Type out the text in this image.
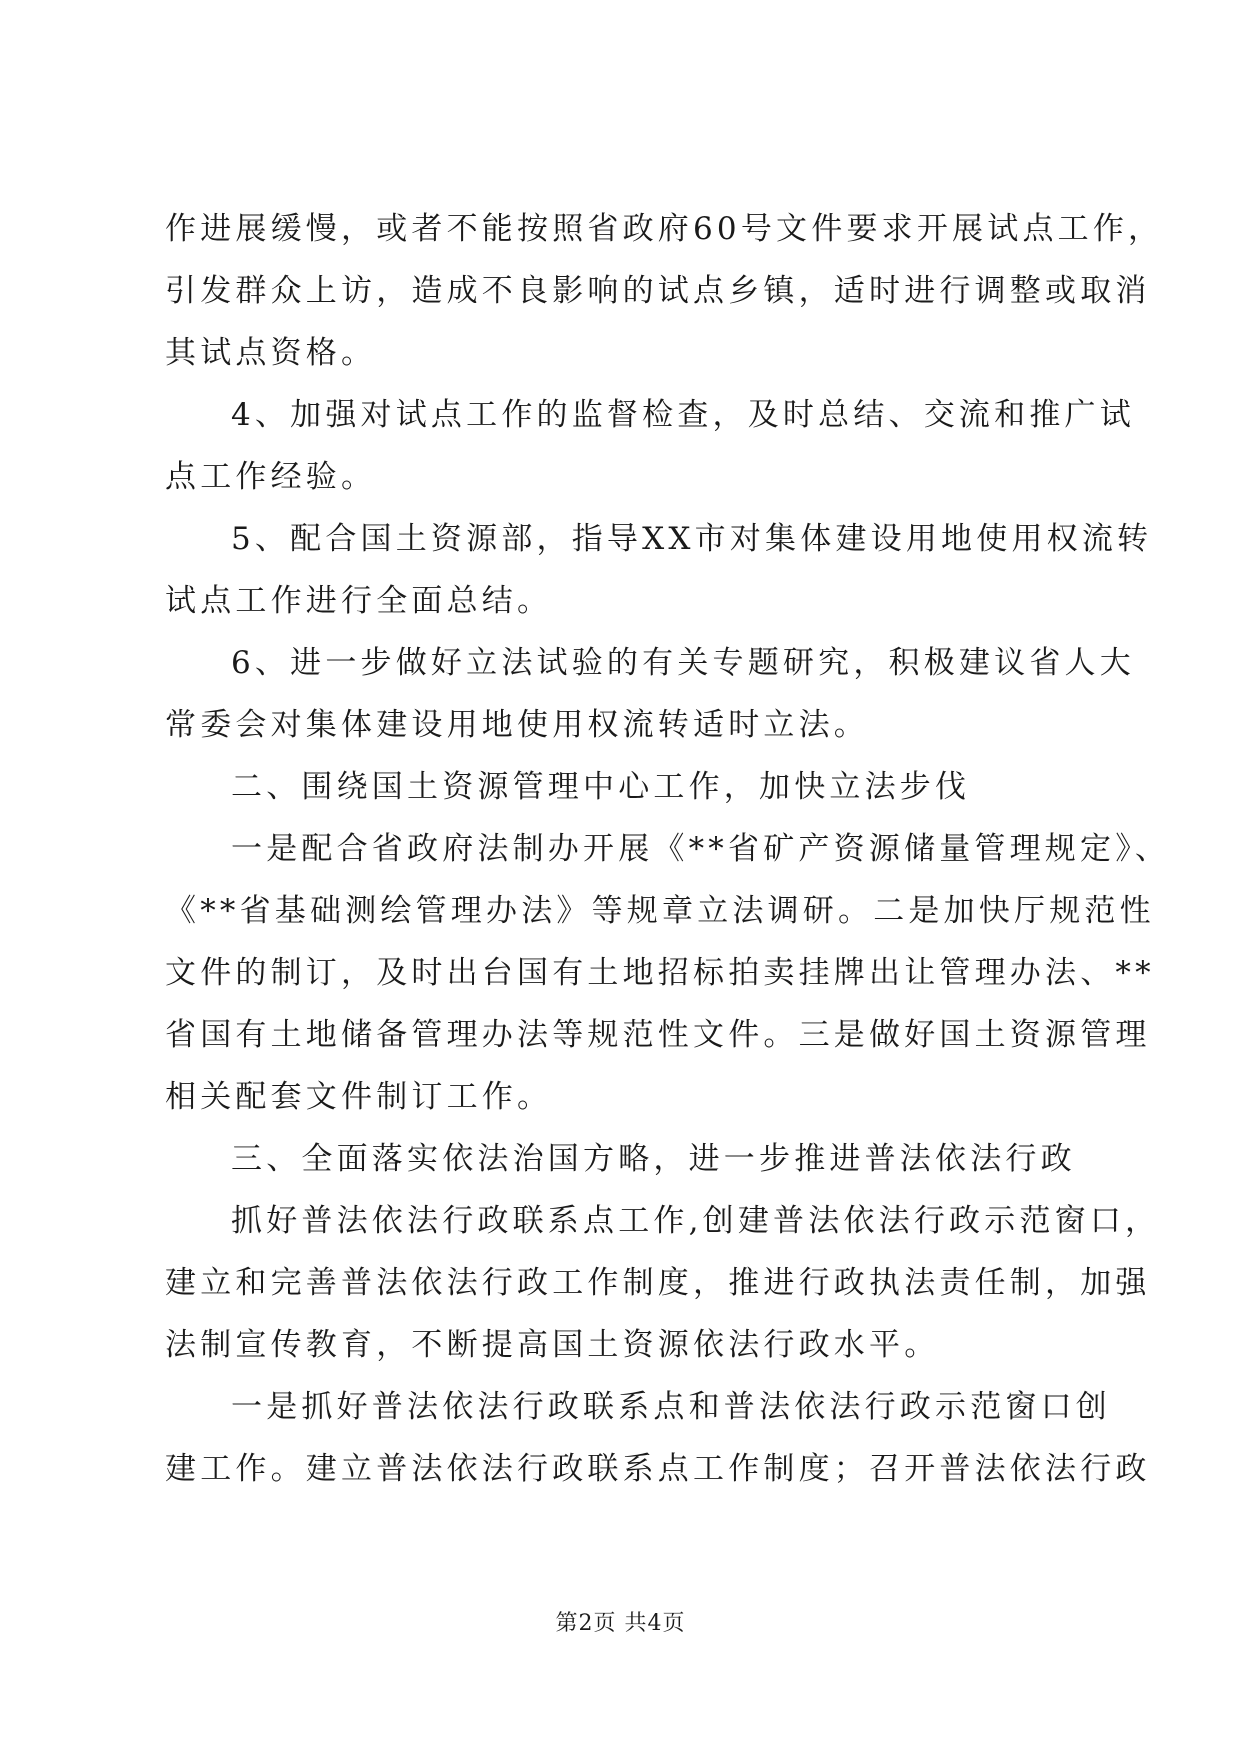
作进展缓慢，或者不能按照省政府60号文件要求开展试点工作，
引发群众上访，造成不良影响的试点乡镇，适时进行调整或取消
其试点资格。
4、加强对试点工作的监督检查，及时总结、交流和推广试
点工作经验。
5、配合国土资源部，指导XX市对集体建设用地使用权流转
试点工作进行全面总结。
6、进一步做好立法试验的有关专题研究，积极建议省人大
常委会对集体建设用地使用权流转适时立法。
二、围绕国土资源管理中心工作，加快立法步伐
一是配合省政府法制办开展《**省矿产资源储量管理规定》、
《**省基础测绘管理办法》等规章立法调研。二是加快厅规范性
文件的制订，及时出台国有土地招标拍卖挂牌出让管理办法、**
省国有土地储备管理办法等规范性文件。三是做好国土资源管理
相关配套文件制订工作。
三、全面落实依法治国方略，进一步推进普法依法行政
抓好普法依法行政联系点工作,创建普法依法行政示范窗口，
建立和完善普法依法行政工作制度，推进行政执法责任制，加强
法制宣传教育，不断提高国土资源依法行政水平。
一是抓好普法依法行政联系点和普法依法行政示范窗口创
建工作。建立普法依法行政联系点工作制度；召开普法依法行政
第2页 共4页
